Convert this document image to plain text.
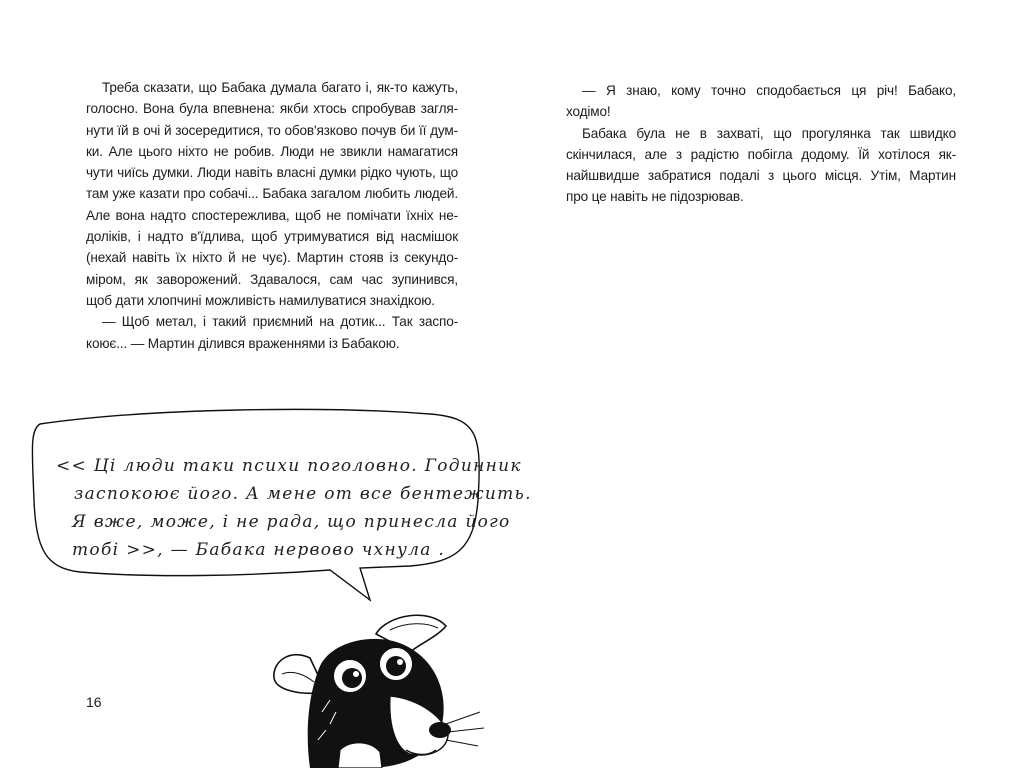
Треба сказати, що Бабака думала багато і, як-то кажуть,
голосно. Вона була впевнена: якби хтось спробував загля-
нути їй в очі й зосередитися, то обов'язково почув би її дум-
ки. Але цього ніхто не робив. Люди не звикли намагатися
чути чиїсь думки. Люди навіть власні думки рідко чують, що
там уже казати про собачі... Бабака загалом любить людей.
Але вона надто спостережлива, щоб не помічати їхніх не-
доліків, і надто в'їдлива, щоб утримуватися від насмішок
(нехай навіть їх ніхто й не чує). Мартин стояв із секундо-
міром, як заворожений. Здавалося, сам час зупинився,
щоб дати хлопчині можливість намилуватися знахідкою.
— Щоб метал, і такий приємний на дотик... Так заспо-
коює... — Мартин ділився враженнями із Бабакою.
<< Ці люди таки психи поголовно. Годинник
заспокоює його. А мене от все бентежить.
Я вже, може, і не рада, що принесла його
тобі >>, — Бабака нервово чхнула .
16
— Я знаю, кому точно сподобається ця річ! Бабако,
ходімо!
Бабака була не в захваті, що прогулянка так швидко
скінчилася, але з радістю побігла додому. Їй хотілося як-
найшвидше забратися подалі з цього місця. Утім, Мартин
про це навіть не підозрював.
